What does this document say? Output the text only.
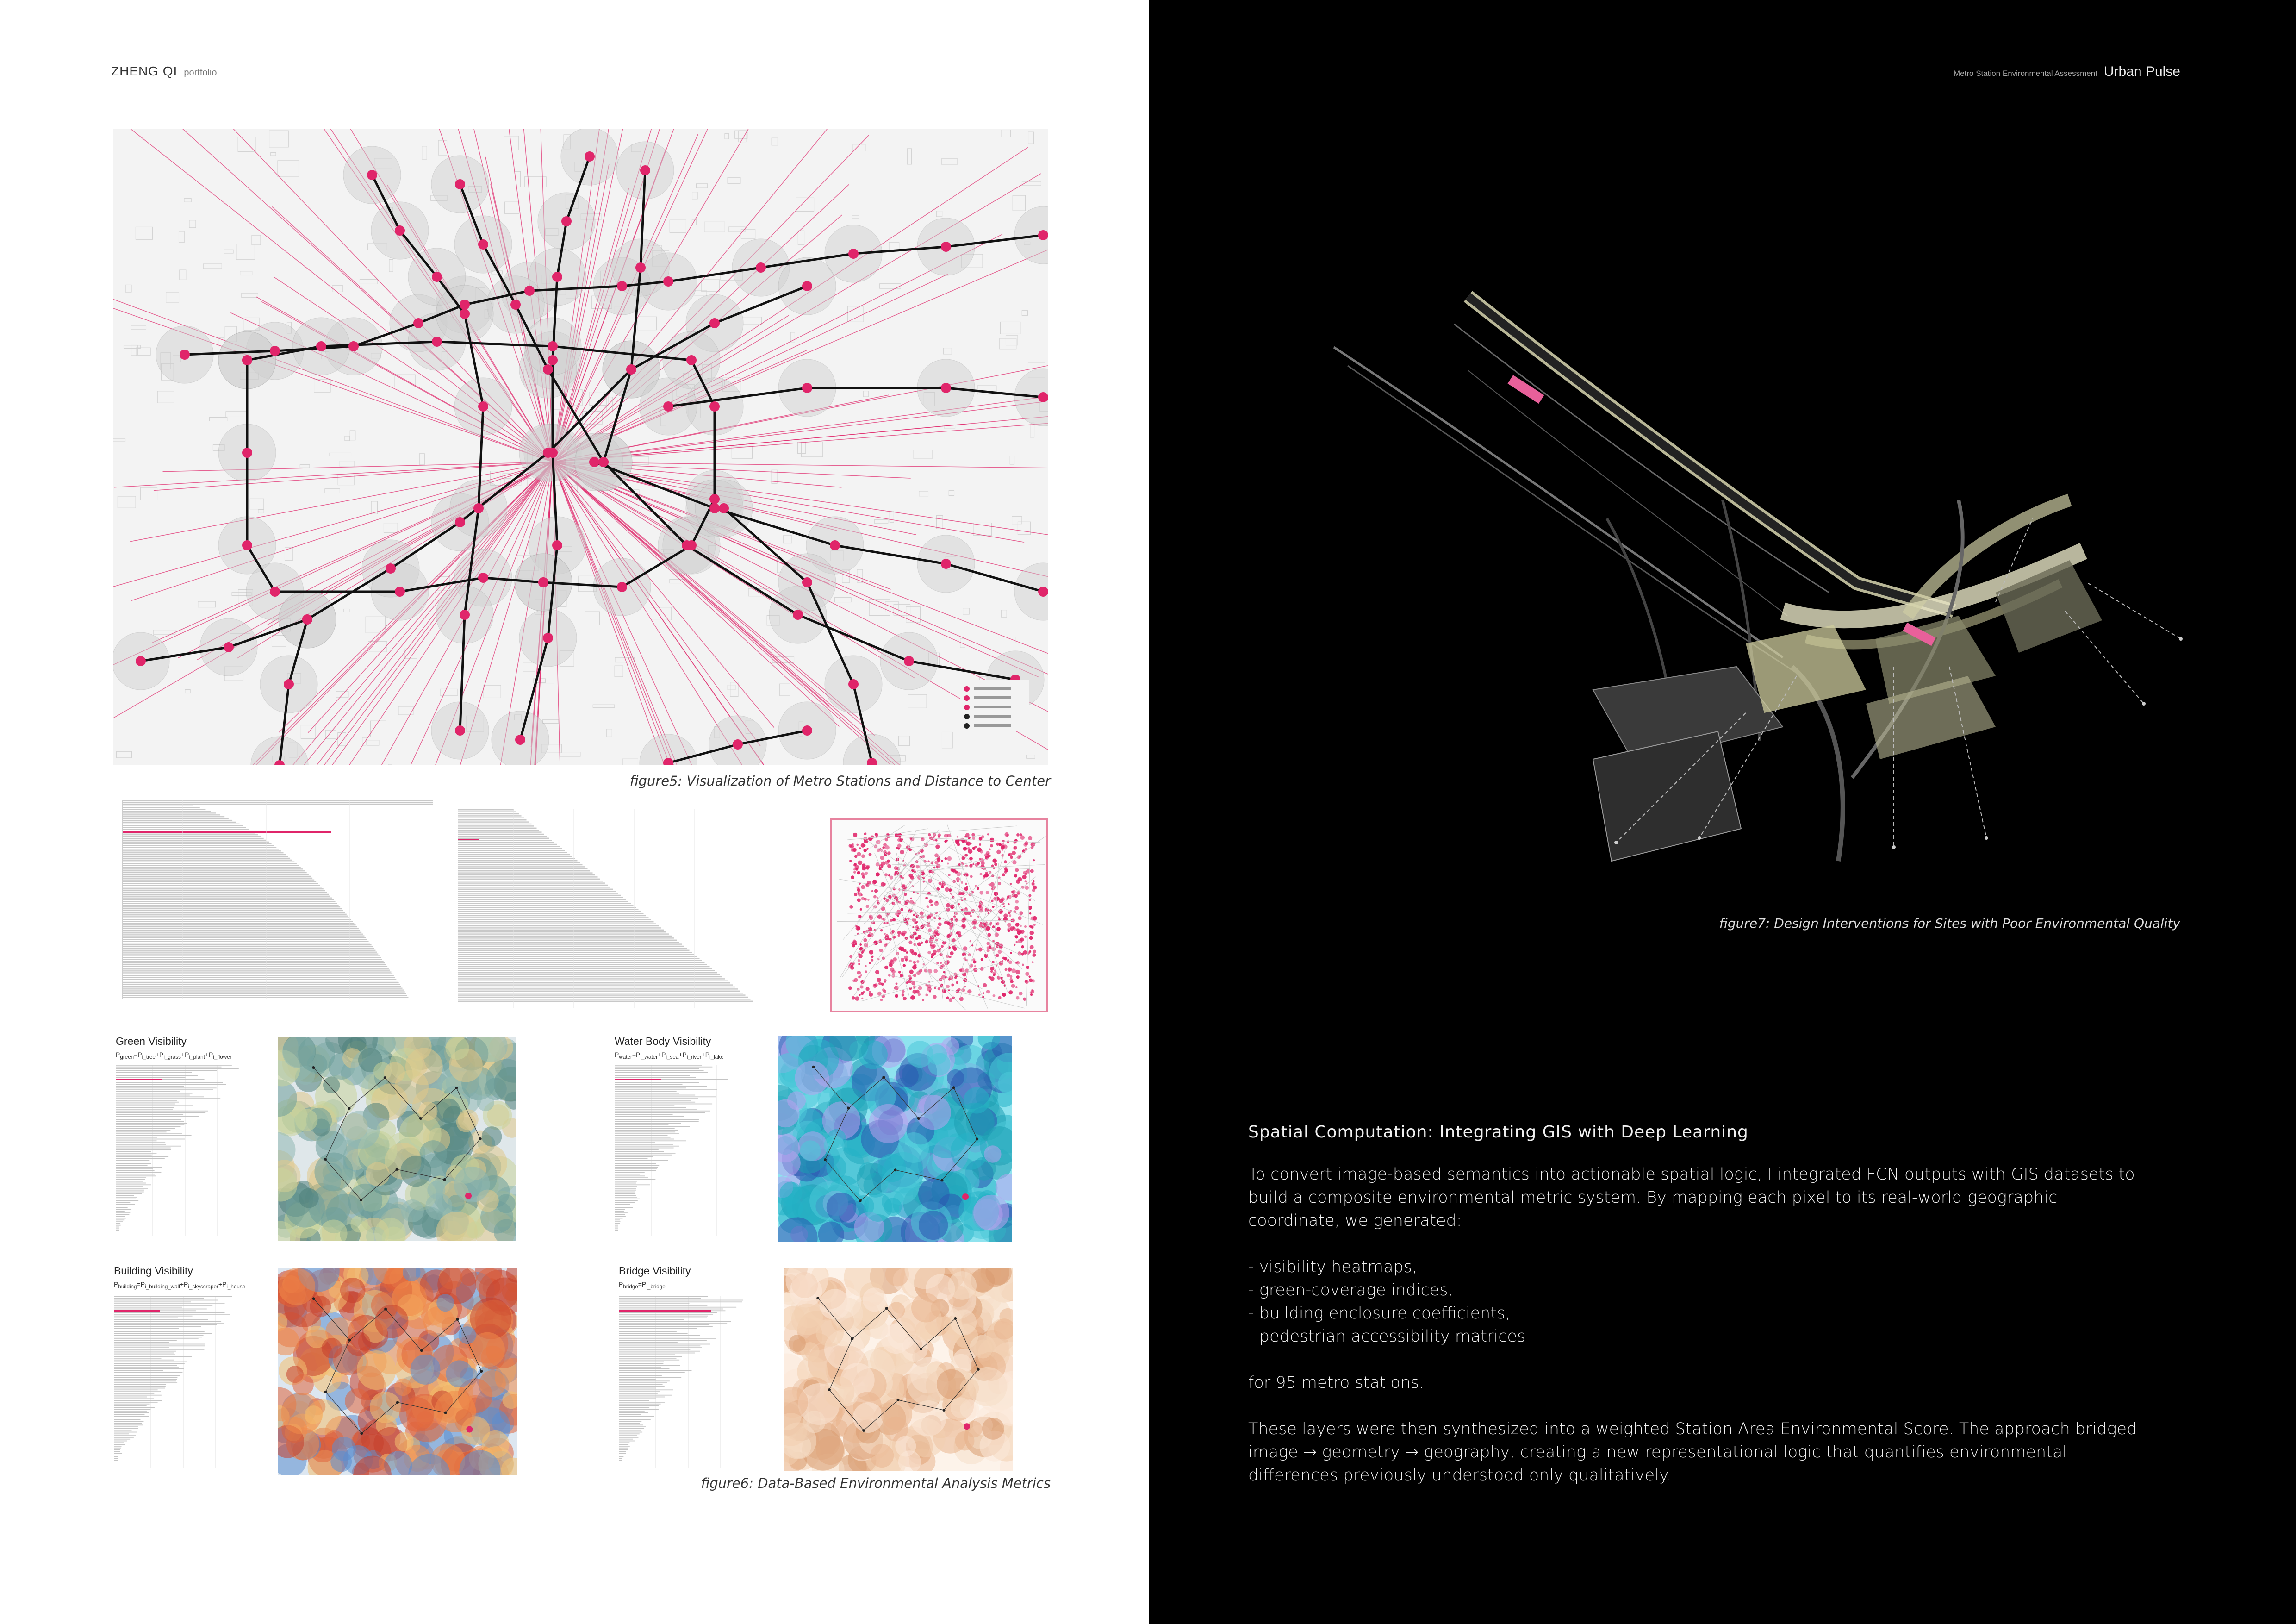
ZHENG QI portfolio
figure5: Visualization of Metro Stations and Distance to Center
Green Visibility
$P_{green}=P_{i\_tree}+P_{i\_grass}+P_{i\_plant}+P_{i\_flower}$
Water Body Visibility
$P_{water}=P_{i\_water}+P_{i\_sea}+P_{i\_river}+P_{i\_lake}$
Building Visibility
$P_{building}=P_{i\_building\_wall}+P_{i\_skyscraper}+P_{i\_house}$
Bridge Visibility
$P_{bridge}=P_{i\_bridge}$
figure6: Data-Based Environmental Analysis Metrics
Metro Station Environmental Assessment Urban Pulse
figure7: Design Interventions for Sites with Poor Environmental Quality
Spatial Computation: Integrating GIS with Deep Learning

To convert image-based semantics into actionable spatial logic, I integrated FCN outputs with GIS datasets to build a composite environmental metric system. By mapping each pixel to its real-world geographic coordinate, we generated:

- visibility heatmaps,

- green-coverage indices,

- building enclosure coefficients,

- pedestrian accessibility matrices

for 95 metro stations.

These layers were then synthesized into a weighted Station Area Environmental Score. The approach bridged image → geometry → geography, creating a new representational logic that quantifies environmental differences previously understood only qualitatively.
